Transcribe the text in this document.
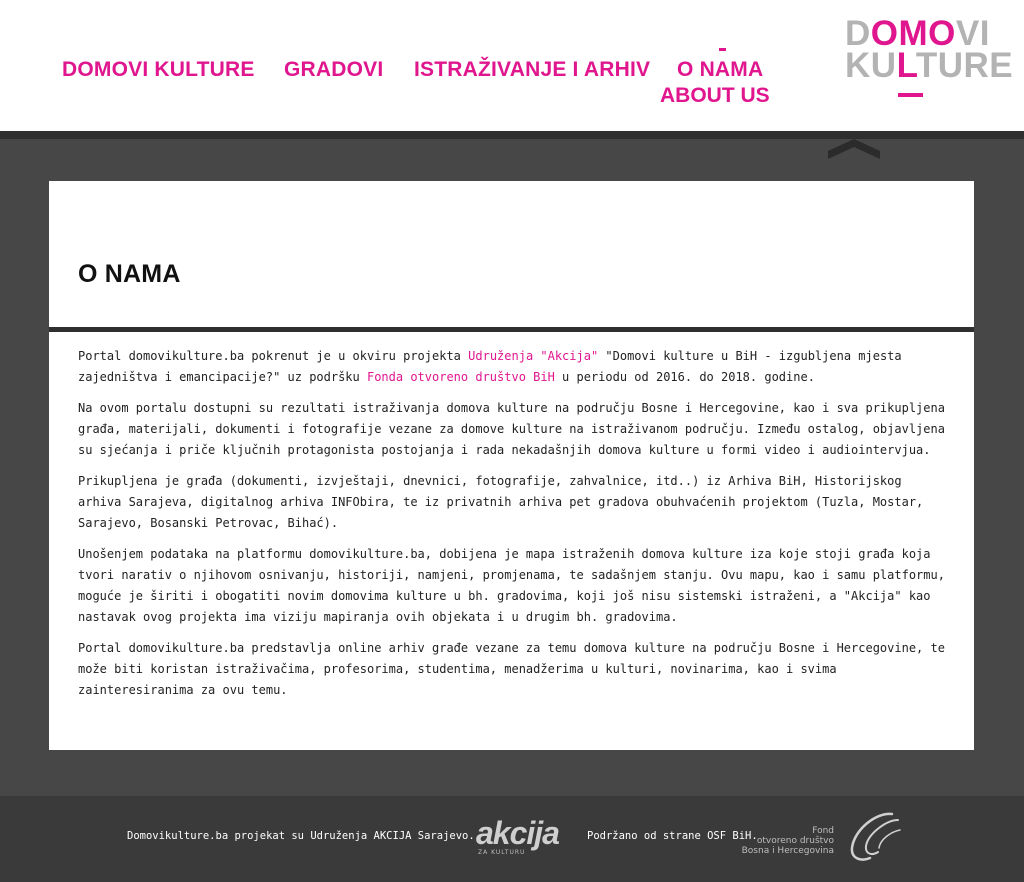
DOMOVI KULTURE GRADOVI ISTRAŽIVANJE I ARHIV O NAMA
ABOUT US
DOMOVI
KULTURE
O NAMA

Portal domovikulture.ba pokrenut je u okviru projekta Udruženja "Akcija" "Domovi kulture u BiH - izgubljena mjesta zajedništva i emancipacije?" uz podršku Fonda otvoreno društvo BiH u periodu od 2016. do 2018. godine.

Na ovom portalu dostupni su rezultati istraživanja domova kulture na području Bosne i Hercegovine, kao i sva prikupljena građa, materijali, dokumenti i fotografije vezane za domove kulture na istraživanom području. Između ostalog, objavljena su sjećanja i priče ključnih protagonista postojanja i rada nekadašnjih domova kulture u formi video i audiointervjua.

Prikupljena je građa (dokumenti, izvještaji, dnevnici, fotografije, zahvalnice, itd..) iz Arhiva BiH, Historijskog arhiva Sarajeva, digitalnog arhiva INFObira, te iz privatnih arhiva pet gradova obuhvaćenih projektom (Tuzla, Mostar, Sarajevo, Bosanski Petrovac, Bihać).

Unošenjem podataka na platformu domovikulture.ba, dobijena je mapa istraženih domova kulture iza koje stoji građa koja tvori narativ o njihovom osnivanju, historiji, namjeni, promjenama, te sadašnjem stanju. Ovu mapu, kao i samu platformu, moguće je širiti i obogatiti novim domovima kulture u bh. gradovima, koji još nisu sistemski istraženi, a "Akcija" kao nastavak ovog projekta ima viziju mapiranja ovih objekata i u drugim bh. gradovima.

Portal domovikulture.ba predstavlja online arhiv građe vezane za temu domova kulture na području Bosne i Hercegovine, te može biti koristan istraživačima, profesorima, studentima, menadžerima u kulturi, novinarima, kao i svima zainteresiranima za ovu temu.

Domovikulture.ba projekat su Udruženja AKCIJA Sarajevo. akcija
ZA KULTURU
Podržano od strane OSF BiH.	Fond
otvoreno društvo
Bosna i Hercegovina
